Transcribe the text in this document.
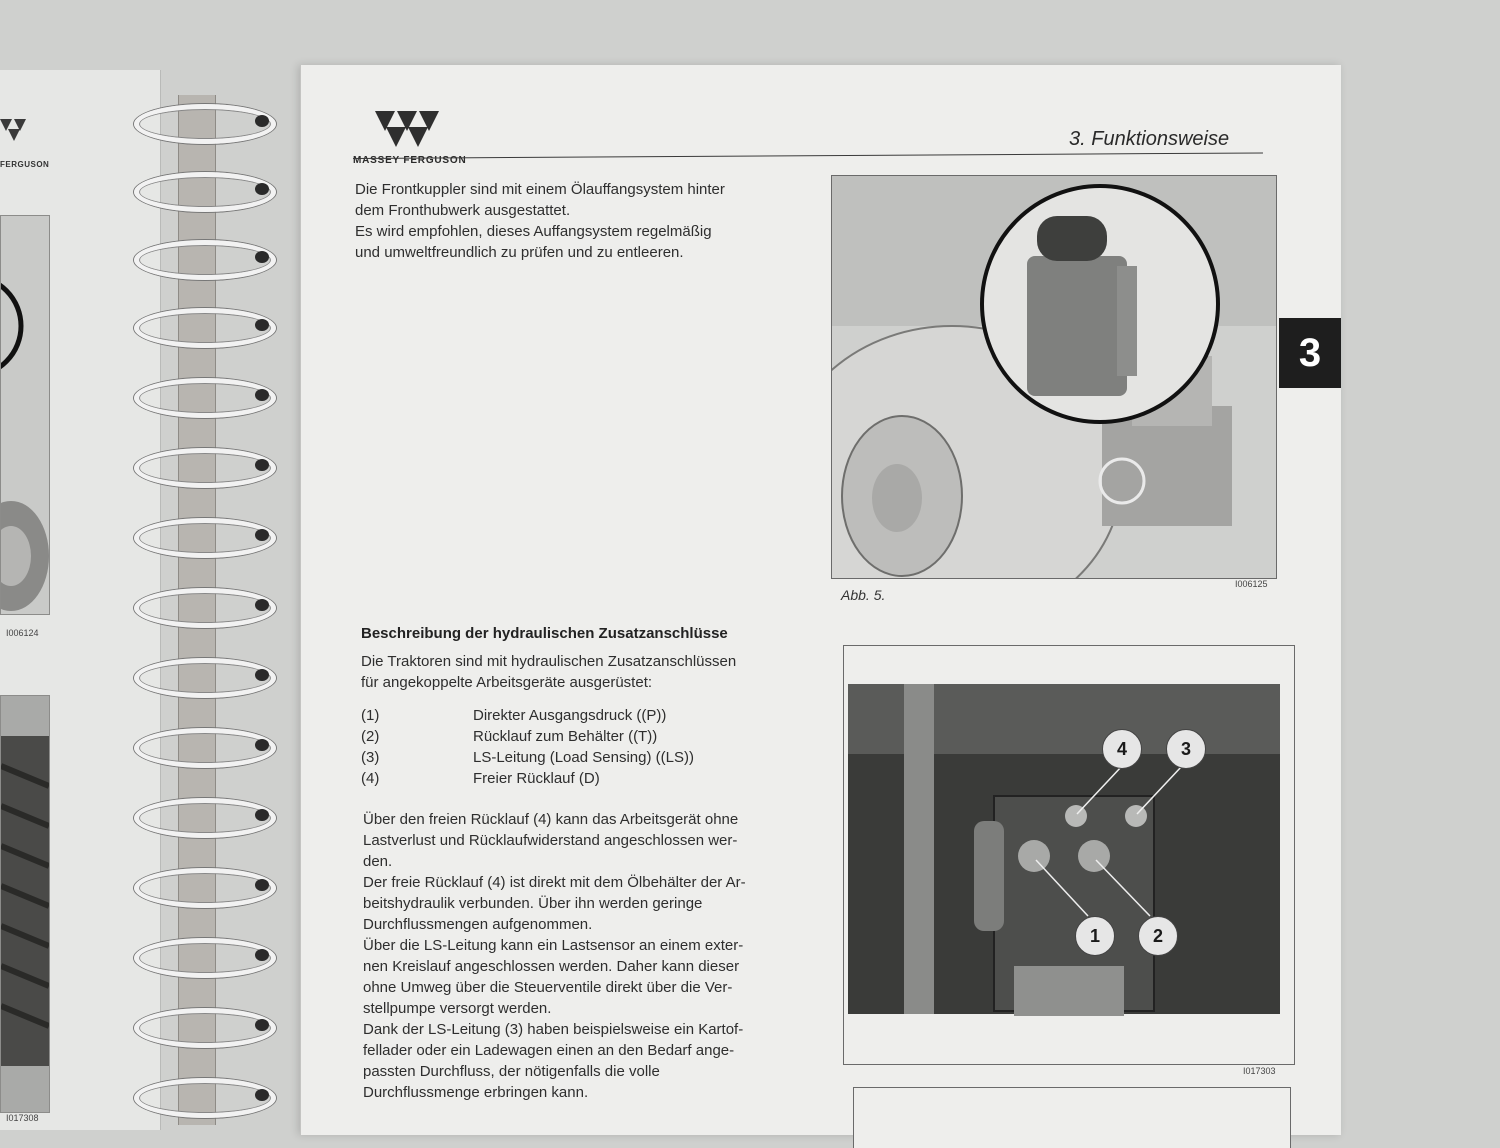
FERGUSON
I006124
I017308
MASSEY FERGUSON
3. Funktionsweise
3

Die Frontkuppler sind mit einem Ölauffangsystem hinter

dem Fronthubwerk ausgestattet.

Es wird empfohlen, dieses Auffangsystem regelmäßig

und umweltfreundlich zu prüfen und zu entleeren.

Abb. 5.
I006125
Beschreibung der hydraulischen Zusatzanschlüsse

Die Traktoren sind mit hydraulischen Zusatzanschlüssen

für angekoppelte Arbeitsgeräte ausgerüstet:

(1)	Direkter Ausgangsdruck ((P))
(2)	Rücklauf zum Behälter ((T))
(3)	LS-Leitung (Load Sensing) ((LS))
(4)	Freier Rücklauf (D)

Über den freien Rücklauf (4) kann das Arbeitsgerät ohne

Lastverlust und Rücklaufwiderstand angeschlossen wer-

den.

Der freie Rücklauf (4) ist direkt mit dem Ölbehälter der Ar-

beitshydraulik verbunden. Über ihn werden geringe

Durchflussmengen aufgenommen.

Über die LS-Leitung kann ein Lastsensor an einem exter-

nen Kreislauf angeschlossen werden. Daher kann dieser

ohne Umweg über die Steuerventile direkt über die Ver-

stellpumpe versorgt werden.

Dank der LS-Leitung (3) haben beispielsweise ein Kartof-

fellader oder ein Ladewagen einen an den Bedarf ange-

passten Durchfluss, der nötigenfalls die volle

Durchflussmenge erbringen kann.

4	3
1	2
I017303
